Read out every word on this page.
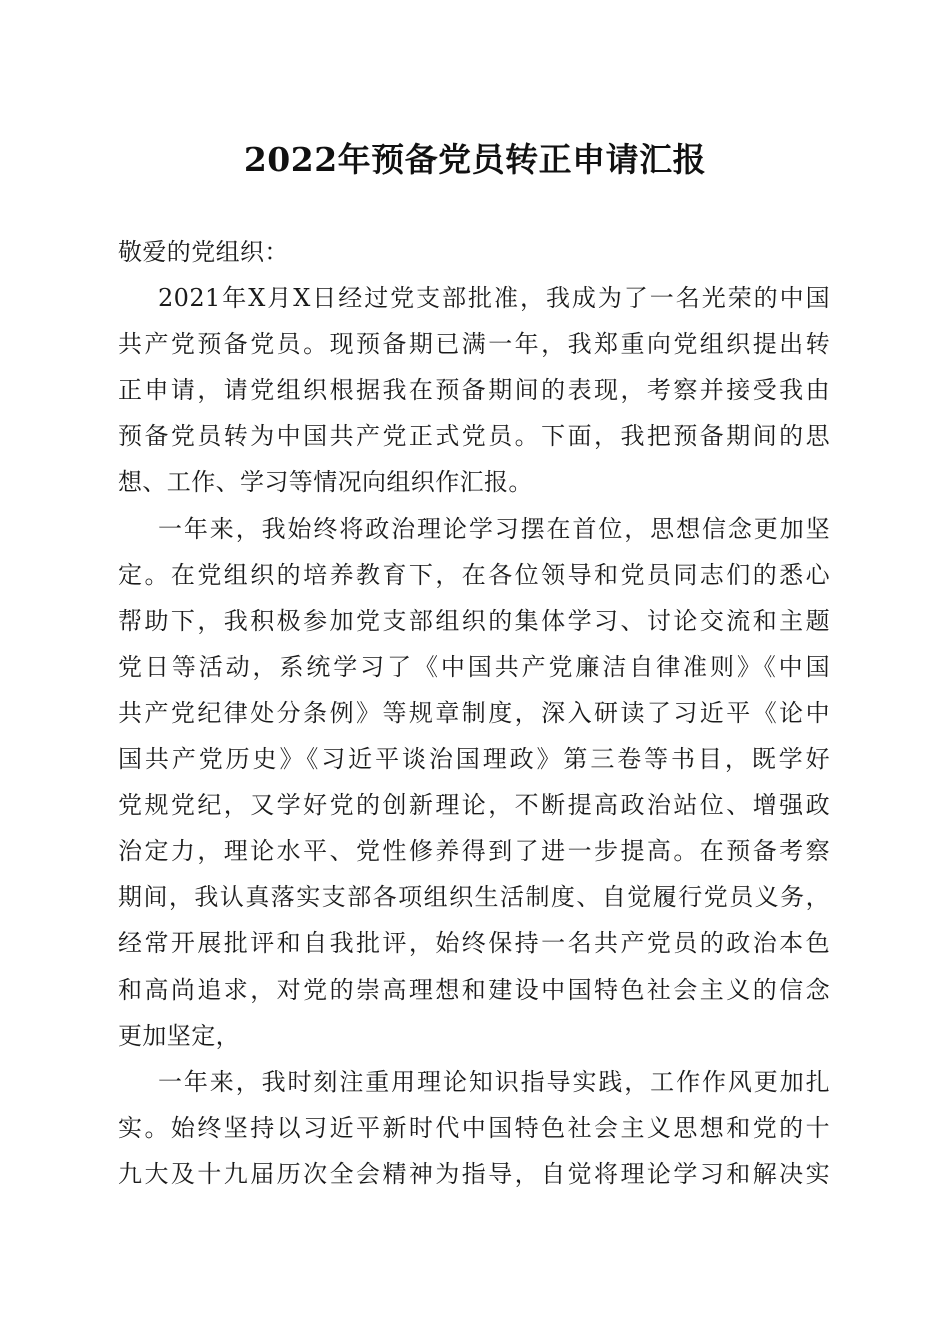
2022年预备党员转正申请汇报
敬爱的党组织：
2021年X月X日经过党支部批准，我成为了一名光荣的中国
共产党预备党员。现预备期已满一年，我郑重向党组织提出转
正申请，请党组织根据我在预备期间的表现，考察并接受我由
预备党员转为中国共产党正式党员。下面，我把预备期间的思
想、工作、学习等情况向组织作汇报。
一年来，我始终将政治理论学习摆在首位，思想信念更加坚
定。在党组织的培养教育下，在各位领导和党员同志们的悉心
帮助下，我积极参加党支部组织的集体学习、讨论交流和主题
党日等活动，系统学习了《中国共产党廉洁自律准则》《中国
共产党纪律处分条例》等规章制度，深入研读了习近平《论中
国共产党历史》《习近平谈治国理政》第三卷等书目，既学好
党规党纪，又学好党的创新理论，不断提高政治站位、增强政
治定力，理论水平、党性修养得到了进一步提高。在预备考察
期间，我认真落实支部各项组织生活制度、自觉履行党员义务，
经常开展批评和自我批评，始终保持一名共产党员的政治本色
和高尚追求，对党的崇高理想和建设中国特色社会主义的信念
更加坚定，
一年来，我时刻注重用理论知识指导实践，工作作风更加扎
实。始终坚持以习近平新时代中国特色社会主义思想和党的十
九大及十九届历次全会精神为指导，自觉将理论学习和解决实
